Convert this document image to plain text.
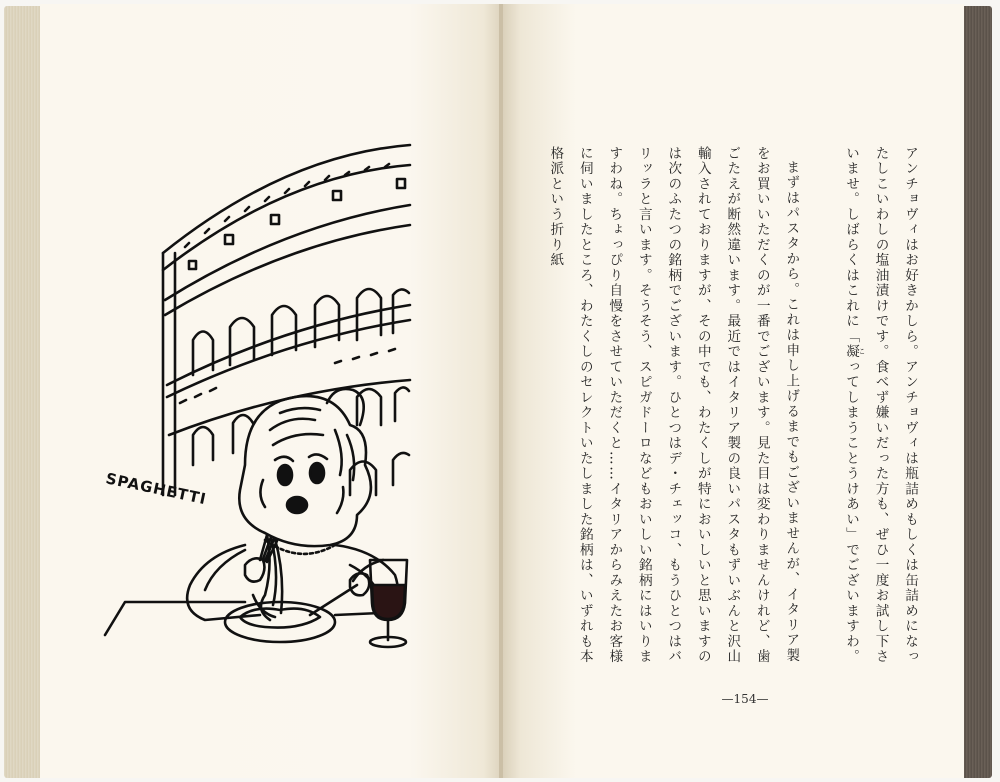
SPAGHETTI	アンチョヴィはお好きかしら。アンチョヴィは瓶詰めもしくは缶詰めになったしこいわしの塩油漬けです。食べず嫌いだった方も、ぜひ一度お試し下さいませ。しばらくはこれに「凝 こってしまうことうけあい」でございますわ。

まずはパスタから。これは申し上げるまでもございませんが、イタリア製をお買いいただくのが一番でございます。見た目は変わりませんけれど、歯ごたえが断然違います。最近ではイタリア製の良いパスタもずいぶんと沢山輸入されておりますが、その中でも、わたくしが特においしいと思いますのは次のふたつの銘柄でございます。ひとつはデ・チェッコ、もうひとつはバリッラと言います。そうそう、スピガドーロなどもおいしい銘柄にはいりますわね。ちょっぴり自慢をさせていただくと……イタリアからみえたお客様に伺いましたところ、わたくしのセレクトいたしました銘柄は、いずれも本格派という折り紙

—154—
